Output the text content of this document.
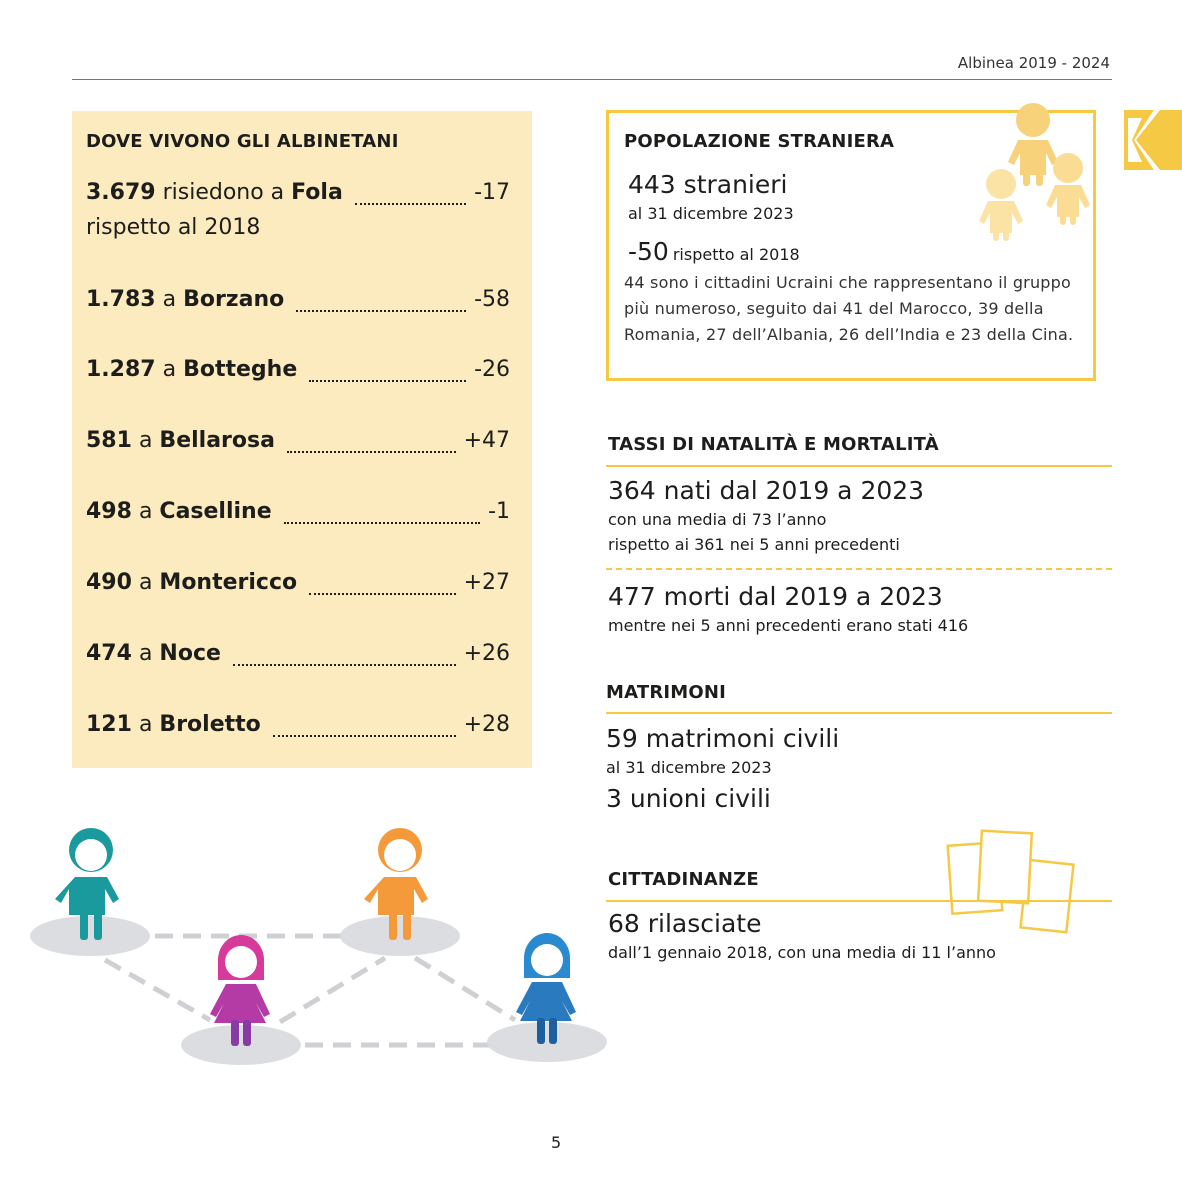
Albinea 2019 - 2024
DOVE VIVONO GLI ALBINETANI
3.679 risiedono a Fola	-17
rispetto al 2018
1.783 a Borzano	-58
1.287 a Botteghe	-26
581 a Bellarosa	+47
498 a Caselline	-1
490 a Montericco	+27
474 a Noce	+26
121 a Broletto	+28
POPOLAZIONE STRANIERA
443 stranieri
al 31 dicembre 2023
-50 rispetto al 2018
44 sono i cittadini Ucraini che rappresentano il gruppo più numeroso, seguito dai 41 del Marocco, 39 della Romania, 27 dell’Albania, 26 dell’India e 23 della Cina.
TASSI DI NATALITÀ E MORTALITÀ
364 nati dal 2019 a 2023
con una media di 73 l’anno
rispetto ai 361 nei 5 anni precedenti
477 morti dal 2019 a 2023
mentre nei 5 anni precedenti erano stati 416
MATRIMONI
59 matrimoni civili
al 31 dicembre 2023
3 unioni civili
CITTADINANZE
68 rilasciate
dall’1 gennaio 2018, con una media di 11 l’anno
5
